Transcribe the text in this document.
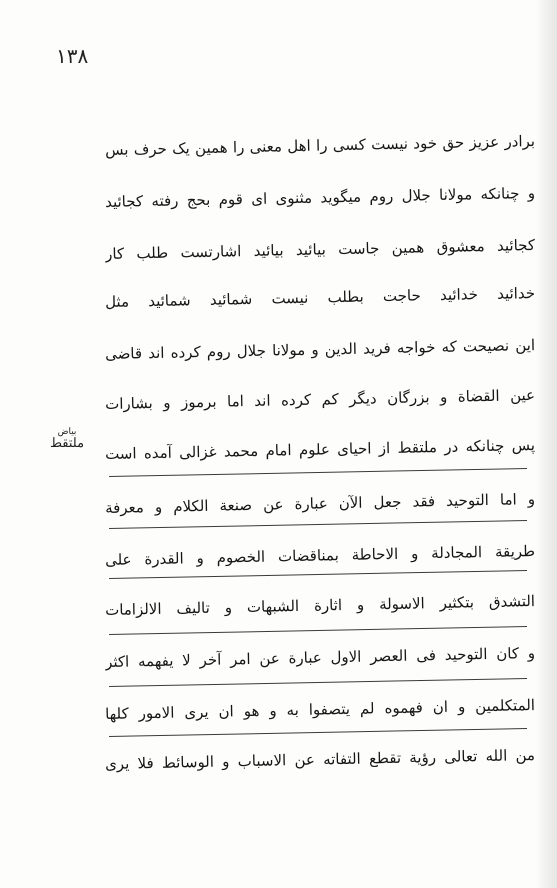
۱۳۸
بیاض
ملتقط
برادر عزیز حق خود نیست کسی را اهل معنی را همین یک حرف بس
و چنانکه مولانا جلال روم میگوید مثنوی ای قوم بحج رفته کجائید
کجائید معشوق همین جاست بیائید بیائید اشارتست طلب کار
خدائید خدائید حاجت بطلب نیست شمائید شمائید مثل
این نصیحت که خواجه فرید الدین و مولانا جلال روم کرده اند قاضی
عین القضاة و بزرگان دیگر کم کرده اند اما برموز و بشارات
پس چنانکه در ملتقط از احیای علوم امام محمد غزالی آمده است
و اما التوحید فقد جعل الآن عبارة عن صنعة الکلام و معرفة
طریقة المجادلة و الاحاطة بمناقضات الخصوم و القدرة علی
التشدق بتکثیر الاسولة و اثارة الشبهات و تالیف الالزامات
و کان التوحید فی العصر الاول عبارة عن امر آخر لا یفهمه اکثر
المتکلمین و ان فهموه لم یتصفوا به و هو ان یری الامور کلها
من الله تعالی رؤیة تقطع التفاته عن الاسباب و الوسائط فلا یری
